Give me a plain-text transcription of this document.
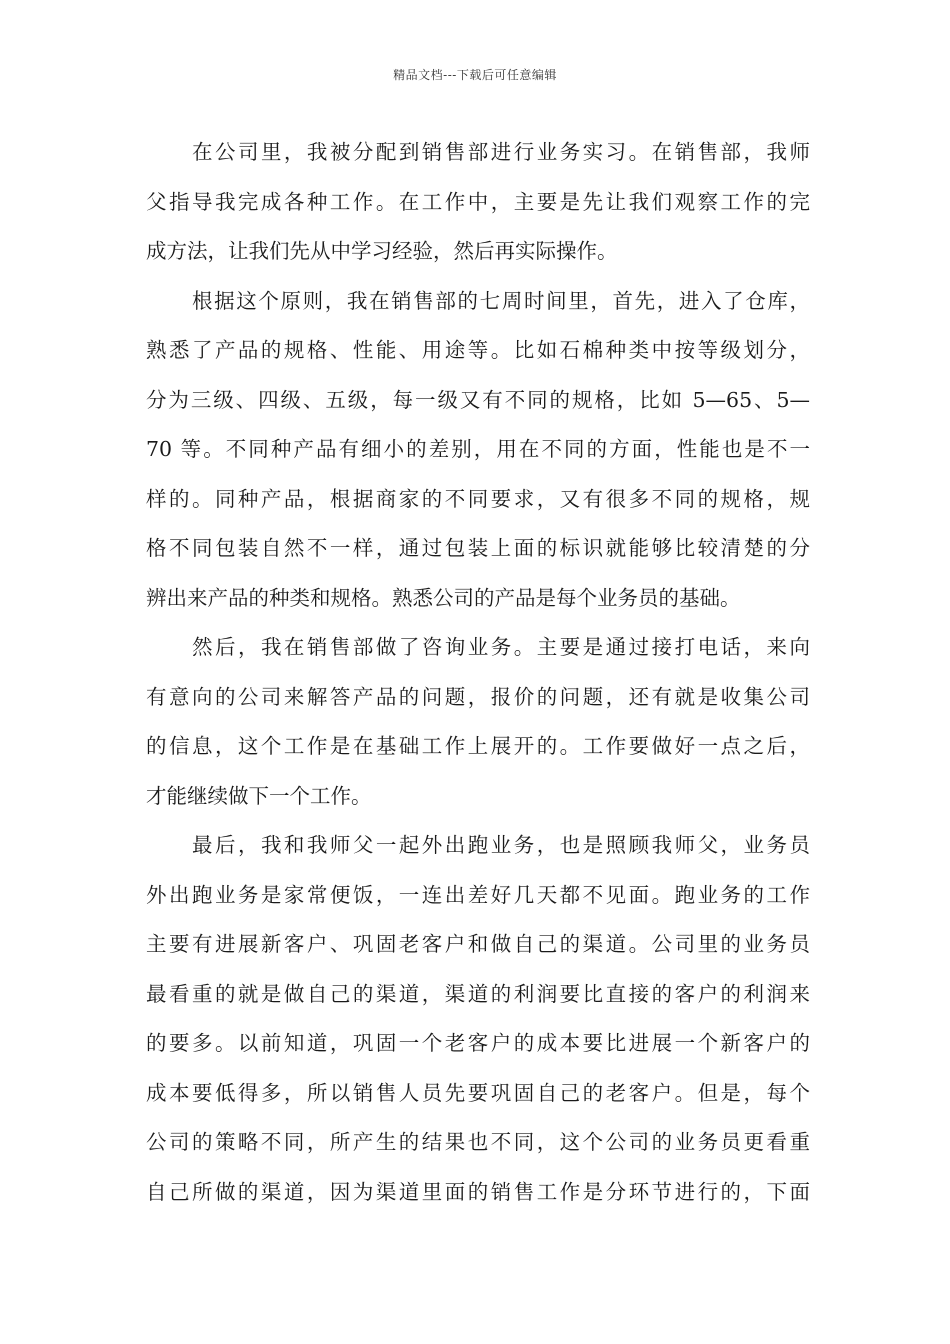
精品文档---下载后可任意编辑
在公司里，我被分配到销售部进行业务实习。在销售部，我师
父指导我完成各种工作。在工作中，主要是先让我们观察工作的完
成方法，让我们先从中学习经验，然后再实际操作。
根据这个原则，我在销售部的七周时间里，首先，进入了仓库，
熟悉了产品的规格、性能、用途等。比如石棉种类中按等级划分，
分为三级、四级、五级，每一级又有不同的规格，比如 5—65、5—
70 等。不同种产品有细小的差别，用在不同的方面，性能也是不一
样的。同种产品，根据商家的不同要求，又有很多不同的规格，规
格不同包装自然不一样，通过包装上面的标识就能够比较清楚的分
辨出来产品的种类和规格。熟悉公司的产品是每个业务员的基础。
然后，我在销售部做了咨询业务。主要是通过接打电话，来向
有意向的公司来解答产品的问题，报价的问题，还有就是收集公司
的信息，这个工作是在基础工作上展开的。工作要做好一点之后，
才能继续做下一个工作。
最后，我和我师父一起外出跑业务，也是照顾我师父，业务员
外出跑业务是家常便饭，一连出差好几天都不见面。跑业务的工作
主要有进展新客户、巩固老客户和做自己的渠道。公司里的业务员
最看重的就是做自己的渠道，渠道的利润要比直接的客户的利润来
的要多。以前知道，巩固一个老客户的成本要比进展一个新客户的
成本要低得多，所以销售人员先要巩固自己的老客户。但是，每个
公司的策略不同，所产生的结果也不同，这个公司的业务员更看重
自己所做的渠道，因为渠道里面的销售工作是分环节进行的，下面
